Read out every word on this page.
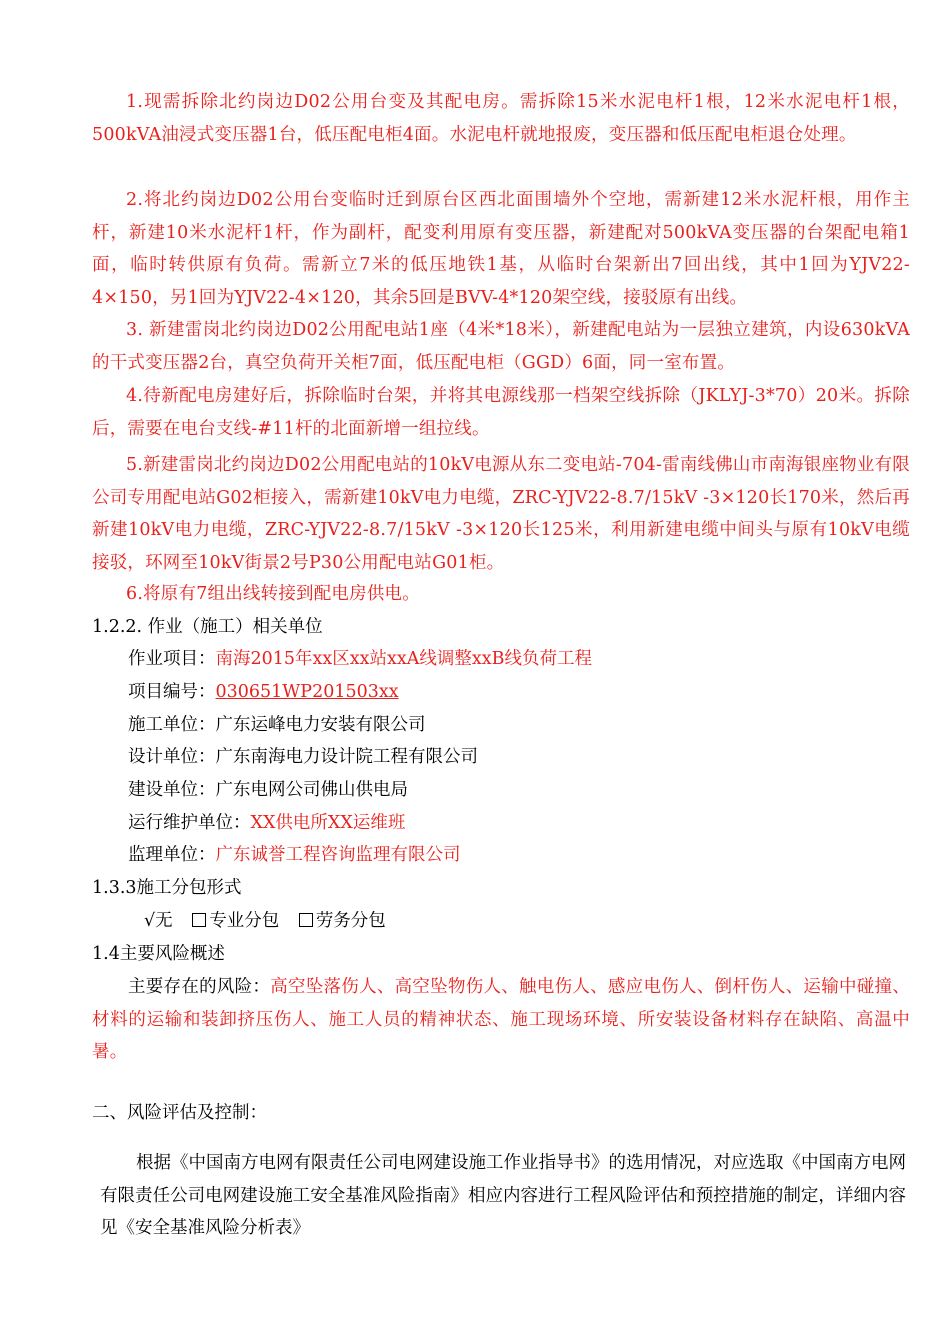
1.现需拆除北约岗边D02公用台变及其配电房。需拆除15米水泥电杆1根，12米水泥电杆1根，500kVA油浸式变压器1台，低压配电柜4面。水泥电杆就地报废，变压器和低压配电柜退仓处理。
2.将北约岗边D02公用台变临时迁到原台区西北面围墙外个空地，需新建12米水泥杆根，用作主杆，新建10米水泥杆1杆，作为副杆，配变利用原有变压器，新建配对500kVA变压器的台架配电箱1面，临时转供原有负荷。需新立7米的低压地铁1基，从临时台架新出7回出线，其中1回为YJV22-4×150，另1回为YJV22-4×120，其余5回是BVV-4*120架空线，接驳原有出线。
3. 新建雷岗北约岗边D02公用配电站1座（4米*18米），新建配电站为一层独立建筑，内设630kVA的干式变压器2台，真空负荷开关柜7面，低压配电柜（GGD）6面，同一室布置。
4.待新配电房建好后，拆除临时台架，并将其电源线那一档架空线拆除（JKLYJ-3*70）20米。拆除后，需要在电台支线-#11杆的北面新增一组拉线。
5.新建雷岗北约岗边D02公用配电站的10kV电源从东二变电站-704-雷南线佛山市南海银座物业有限公司专用配电站G02柜接入，需新建10kV电力电缆，ZRC-YJV22-8.7/15kV -3×120长170米，然后再新建10kV电力电缆，ZRC-YJV22-8.7/15kV -3×120长125米，利用新建电缆中间头与原有10kV电缆接驳，环网至10kV街景2号P30公用配电站G01柜。
6.将原有7组出线转接到配电房供电。
1.2.2. 作业（施工）相关单位
作业项目：南海2015年xx区xx站xxA线调整xxB线负荷工程
项目编号：030651WP201503xx
施工单位：广东运峰电力安装有限公司
设计单位：广东南海电力设计院工程有限公司
建设单位：广东电网公司佛山供电局
运行维护单位：XX供电所XX运维班
监理单位：广东诚誉工程咨询监理有限公司
1.3.3施工分包形式
√无 专业分包 劳务分包
1.4主要风险概述
主要存在的风险：高空坠落伤人、高空坠物伤人、触电伤人、感应电伤人、倒杆伤人、运输中碰撞、材料的运输和装卸挤压伤人、施工人员的精神状态、施工现场环境、所安装设备材料存在缺陷、高温中暑。
二、风险评估及控制：
根据《中国南方电网有限责任公司电网建设施工作业指导书》的选用情况，对应选取《中国南方电网有限责任公司电网建设施工安全基准风险指南》相应内容进行工程风险评估和预控措施的制定，详细内容见《安全基准风险分析表》
